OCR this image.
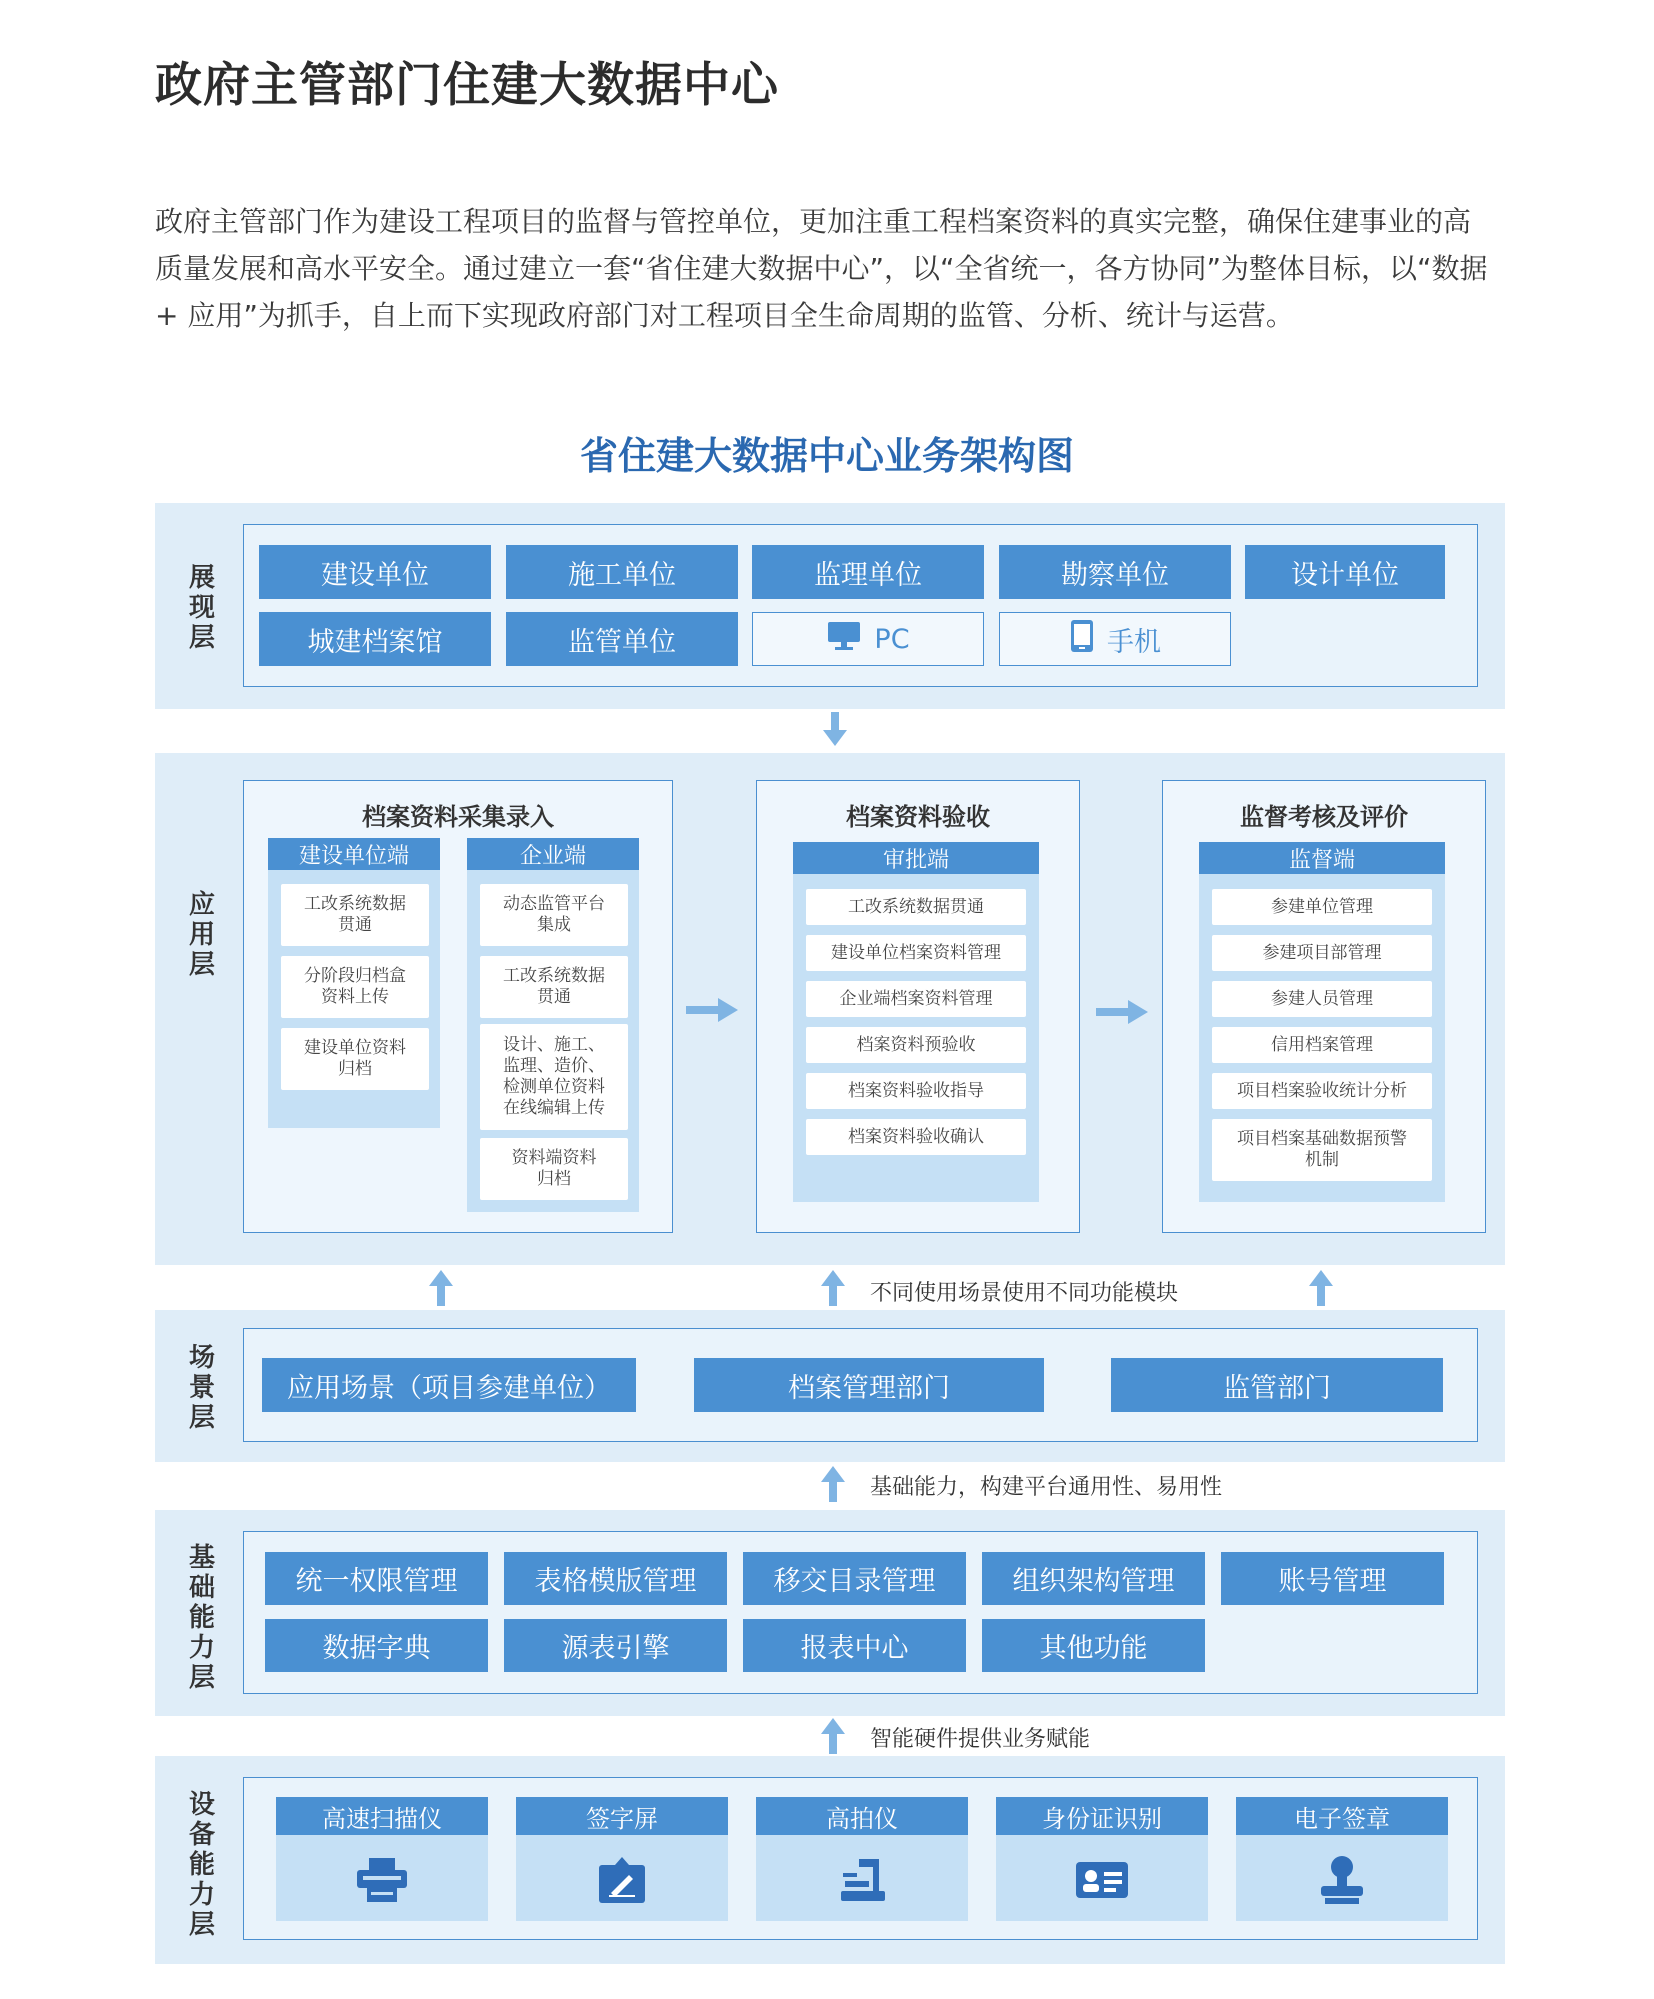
政府主管部门住建大数据中心

政府主管部门作为建设工程项目的监督与管控单位，更加注重工程档案资料的真实完整，确保住建事业的高

质量发展和高水平安全。通过建立一套“省住建大数据中心”，以“全省统一，各方协同”为整体目标，以“数据

+ 应用”为抓手，自上而下实现政府部门对工程项目全生命周期的监管、分析、统计与运营。

省住建大数据中心业务架构图
展现层
建设单位	施工单位	监理单位	勘察单位	设计单位
城建档案馆	监管单位	PC	手机
应用层
档案资料采集录入
建设单位端
工改系统数据
贯通
分阶段归档盒
资料上传
建设单位资料
归档
企业端
动态监管平台
集成
工改系统数据
贯通
设计、施工、
监理、造价、
检测单位资料
在线编辑上传
资料端资料
归档
档案资料验收
审批端
工改系统数据贯通
建设单位档案资料管理
企业端档案资料管理
档案资料预验收
档案资料验收指导
档案资料验收确认
监督考核及评价
监督端
参建单位管理
参建项目部管理
参建人员管理
信用档案管理
项目档案验收统计分析
项目档案基础数据预警
机制
不同使用场景使用不同功能模块
场景层
应用场景（项目参建单位）	档案管理部门	监管部门
基础能力，构建平台通用性、易用性
基础能力层
统一权限管理	表格模版管理	移交目录管理	组织架构管理	账号管理
数据字典	源表引擎	报表中心	其他功能
智能硬件提供业务赋能
设备能力层
高速扫描仪	签字屏	高拍仪	身份证识别	电子签章
